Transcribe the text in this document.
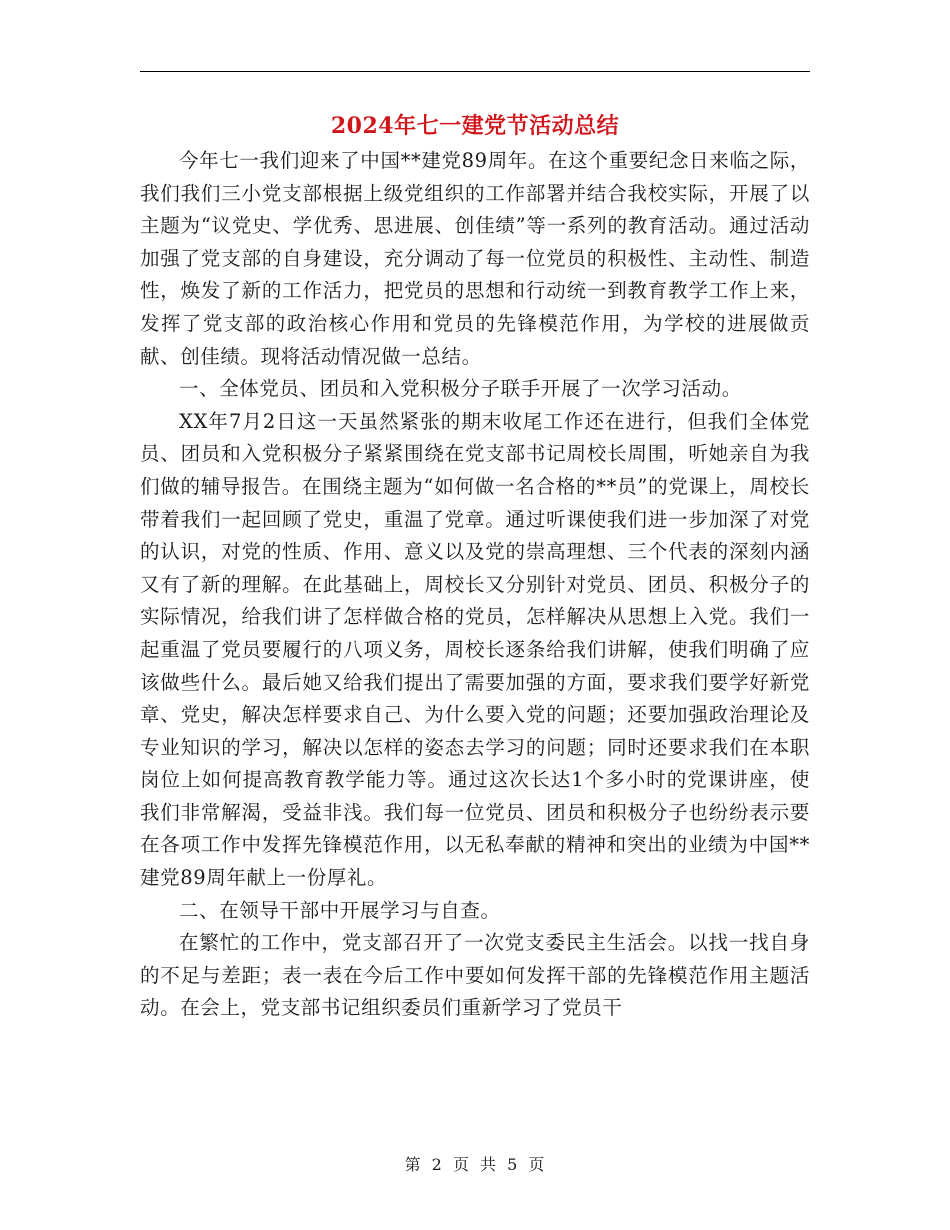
2024年七一建党节活动总结

今年七一我们迎来了中国**建党89周年。在这个重要纪念日来临之际，我们我们三小党支部根据上级党组织的工作部署并结合我校实际，开展了以主题为“议党史、学优秀、思进展、创佳绩”等一系列的教育活动。通过活动加强了党支部的自身建设，充分调动了每一位党员的积极性、主动性、制造性，焕发了新的工作活力，把党员的思想和行动统一到教育教学工作上来，发挥了党支部的政治核心作用和党员的先锋模范作用，为学校的进展做贡献、创佳绩。现将活动情况做一总结。

一、全体党员、团员和入党积极分子联手开展了一次学习活动。

XX年7月2日这一天虽然紧张的期末收尾工作还在进行，但我们全体党员、团员和入党积极分子紧紧围绕在党支部书记周校长周围，听她亲自为我们做的辅导报告。在围绕主题为“如何做一名合格的**员”的党课上，周校长带着我们一起回顾了党史，重温了党章。通过听课使我们进一步加深了对党的认识，对党的性质、作用、意义以及党的崇高理想、三个代表的深刻内涵又有了新的理解。在此基础上，周校长又分别针对党员、团员、积极分子的实际情况，给我们讲了怎样做合格的党员，怎样解决从思想上入党。我们一起重温了党员要履行的八项义务，周校长逐条给我们讲解，使我们明确了应该做些什么。最后她又给我们提出了需要加强的方面，要求我们要学好新党章、党史，解决怎样要求自己、为什么要入党的问题；还要加强政治理论及专业知识的学习，解决以怎样的姿态去学习的问题；同时还要求我们在本职岗位上如何提高教育教学能力等。通过这次长达1个多小时的党课讲座，使我们非常解渴，受益非浅。我们每一位党员、团员和积极分子也纷纷表示要在各项工作中发挥先锋模范作用，以无私奉献的精神和突出的业绩为中国**建党89周年献上一份厚礼。

二、在领导干部中开展学习与自查。

在繁忙的工作中，党支部召开了一次党支委民主生活会。以找一找自身的不足与差距；表一表在今后工作中要如何发挥干部的先锋模范作用主题活动。在会上，党支部书记组织委员们重新学习了党员干

第 2 页 共 5 页
